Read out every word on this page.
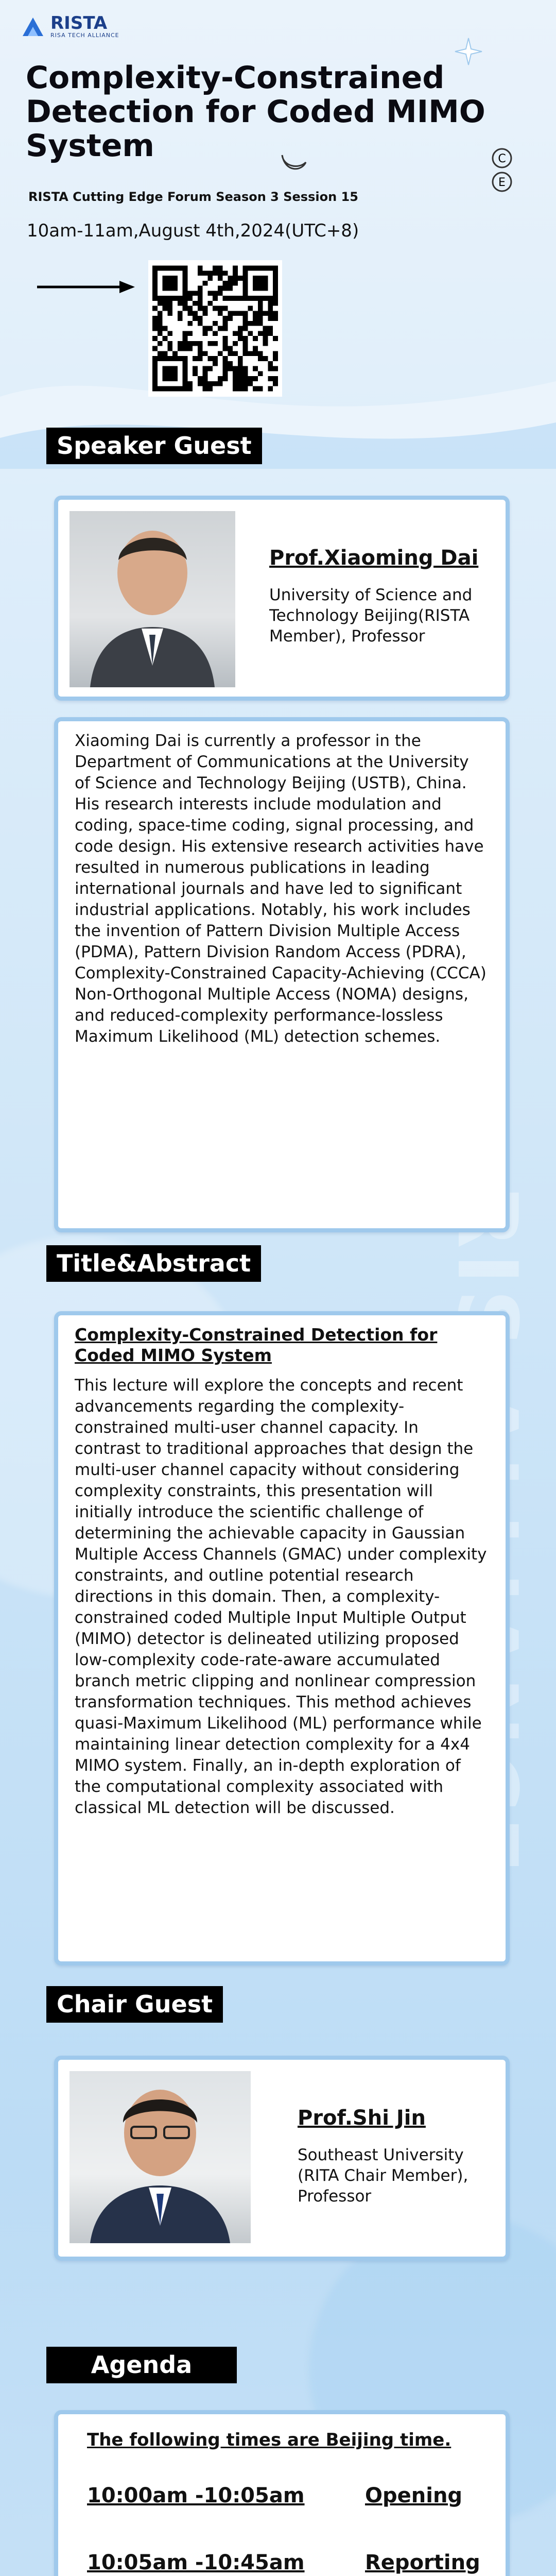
RIS
RISTA
RISA TECH ALLIANCE
Complexity-Constrained Detection for Coded MIMO System	C
E
RISTA Cutting Edge Forum Season 3 Session 15
10am-11am,August 4th,2024(UTC+8)
Speaker Guest
Prof.Xiaoming Dai
University of Science and Technology Beijing(RISTA Member), Professor
Xiaoming Dai is currently a professor in the Department of Communications at the University of Science and Technology Beijing (USTB), China. His research interests include modulation and coding, space-time coding, signal processing, and code design. His extensive research activities have resulted in numerous publications in leading international journals and have led to significant industrial applications. Notably, his work includes the invention of Pattern Division Multiple Access (PDMA), Pattern Division Random Access (PDRA), Complexity-Constrained Capacity-Achieving (CCCA) Non-Orthogonal Multiple Access (NOMA) designs, and reduced-complexity performance-lossless Maximum Likelihood (ML) detection schemes.
Title&Abstract
Complexity-Constrained Detection for Coded MIMO System
This lecture will explore the concepts and recent advancements regarding the complexity-constrained multi-user channel capacity. In contrast to traditional approaches that design the multi-user channel capacity without considering complexity constraints, this presentation will initially introduce the scientific challenge of determining the achievable capacity in Gaussian Multiple Access Channels (GMAC) under complexity constraints, and outline potential research directions in this domain. Then, a complexity-constrained coded Multiple Input Multiple Output (MIMO) detector is delineated utilizing proposed low-complexity code-rate-aware accumulated branch metric clipping and nonlinear compression transformation techniques. This method achieves quasi-Maximum Likelihood (ML) performance while maintaining linear detection complexity for a 4x4 MIMO system. Finally, an in-depth exploration of the computational complexity associated with classical ML detection will be discussed.
Chair Guest
Prof.Shi Jin
Southeast University (RITA Chair Member), Professor
Agenda
The following times are Beijing time.
10:00am -10:05am	Opening
10:05am -10:45am	Reporting
